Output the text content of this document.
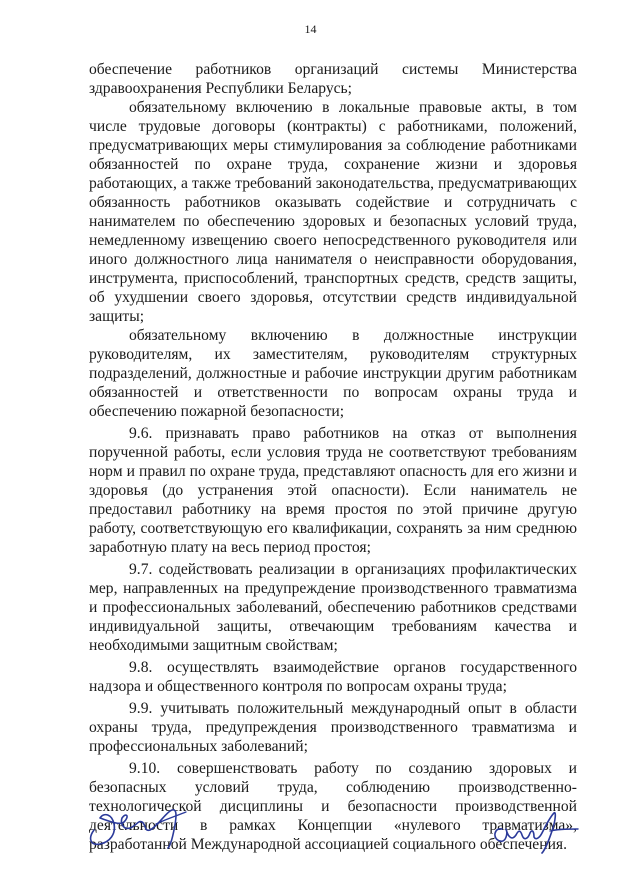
14

обеспечение работников организаций системы Министерства здравоохранения Республики Беларусь;

обязательному включению в локальные правовые акты, в том числе трудовые договоры (контракты) с работниками, положений, предусматривающих меры стимулирования за соблюдение работниками обязанностей по охране труда, сохранение жизни и здоровья работающих, а также требований законодательства, предусматривающих обязанность работников оказывать содействие и сотрудничать с нанимателем по обеспечению здоровых и безопасных условий труда, немедленному извещению своего непосредственного руководителя или иного должностного лица нанимателя о неисправности оборудования, инструмента, приспособлений, транспортных средств, средств защиты, об ухудшении своего здоровья, отсутствии средств индивидуальной защиты;

обязательному включению в должностные инструкции руководителям, их заместителям, руководителям структурных подразделений, должностные и рабочие инструкции другим работникам обязанностей и ответственности по вопросам охраны труда и обеспечению пожарной безопасности;

9.6. признавать право работников на отказ от выполнения порученной работы, если условия труда не соответствуют требованиям норм и правил по охране труда, представляют опасность для его жизни и здоровья (до устранения этой опасности). Если наниматель не предоставил работнику на время простоя по этой причине другую работу, соответствующую его квалификации, сохранять за ним среднюю заработную плату на весь период простоя;

9.7. содействовать реализации в организациях профилактических мер, направленных на предупреждение производственного травматизма и профессиональных заболеваний, обеспечению работников средствами индивидуальной защиты, отвечающим требованиям качества и необходимыми защитным свойствам;

9.8. осуществлять взаимодействие органов государственного надзора и общественного контроля по вопросам охраны труда;

9.9. учитывать положительный международный опыт в области охраны труда, предупреждения производственного травматизма и профессиональных заболеваний;

9.10. совершенствовать работу по созданию здоровых и безопасных условий труда, соблюдению производственно-технологической дисциплины и безопасности производственной деятельности в рамках Концепции «нулевого травматизма», разработанной Международной ассоциацией социального обеспечения.
